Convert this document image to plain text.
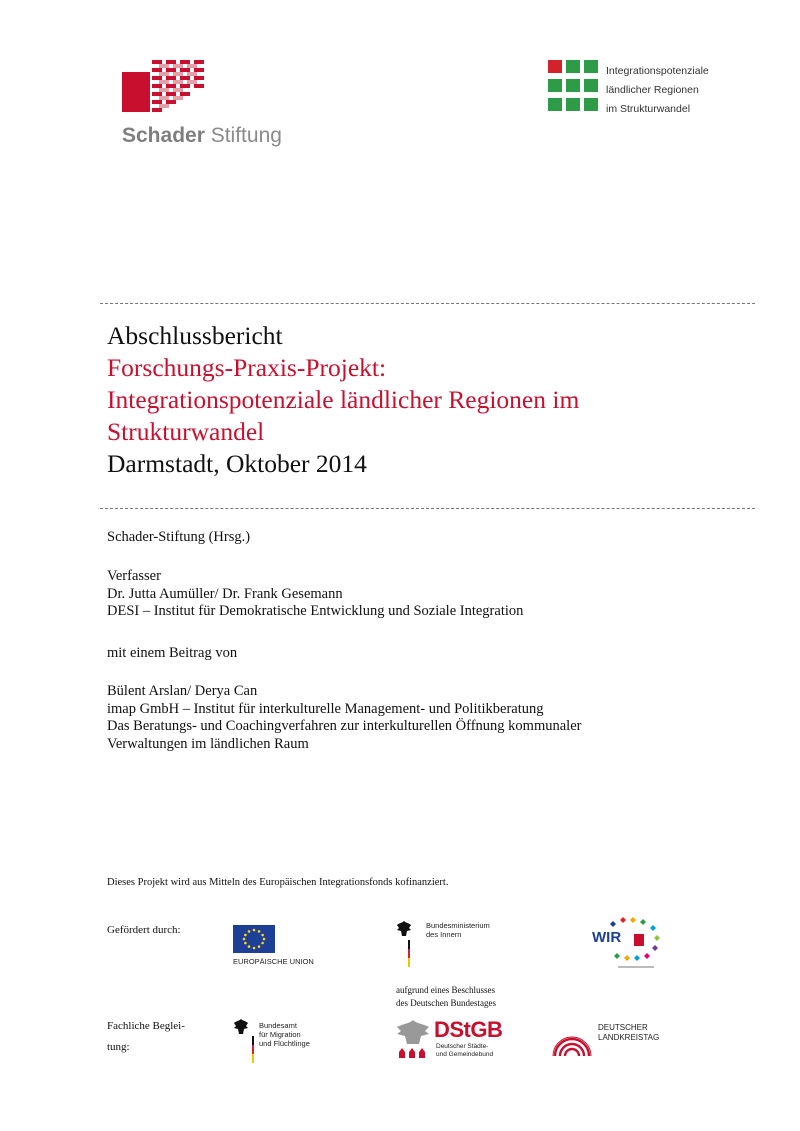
Schader Stiftung
Integrationspotenziale
ländlicher Regionen
im Strukturwandel
Abschlussbericht
Forschungs-Praxis-Projekt:
Integrationspotenziale ländlicher Regionen im
Strukturwandel
Darmstadt, Oktober 2014
Schader-Stiftung (Hrsg.)
Verfasser
Dr. Jutta Aumüller/ Dr. Frank Gesemann
DESI – Institut für Demokratische Entwicklung und Soziale Integration
mit einem Beitrag von
Bülent Arslan/ Derya Can
imap GmbH – Institut für interkulturelle Management- und Politikberatung
Das Beratungs- und Coachingverfahren zur interkulturellen Öffnung kommunaler
Verwaltungen im ländlichen Raum
Dieses Projekt wird aus Mitteln des Europäischen Integrationsfonds kofinanziert.
Gefördert durch:
EUROPÄISCHE UNION
Bundesministerium
des Innern	WIR
aufgrund eines Beschlusses
des Deutschen Bundestages
Fachliche Beglei-
tung:
Bundesamt
für Migration
und Flüchtlinge
DStGB
Deutscher Städte-
und Gemeindebund
DEUTSCHER
LANDKREISTAG
